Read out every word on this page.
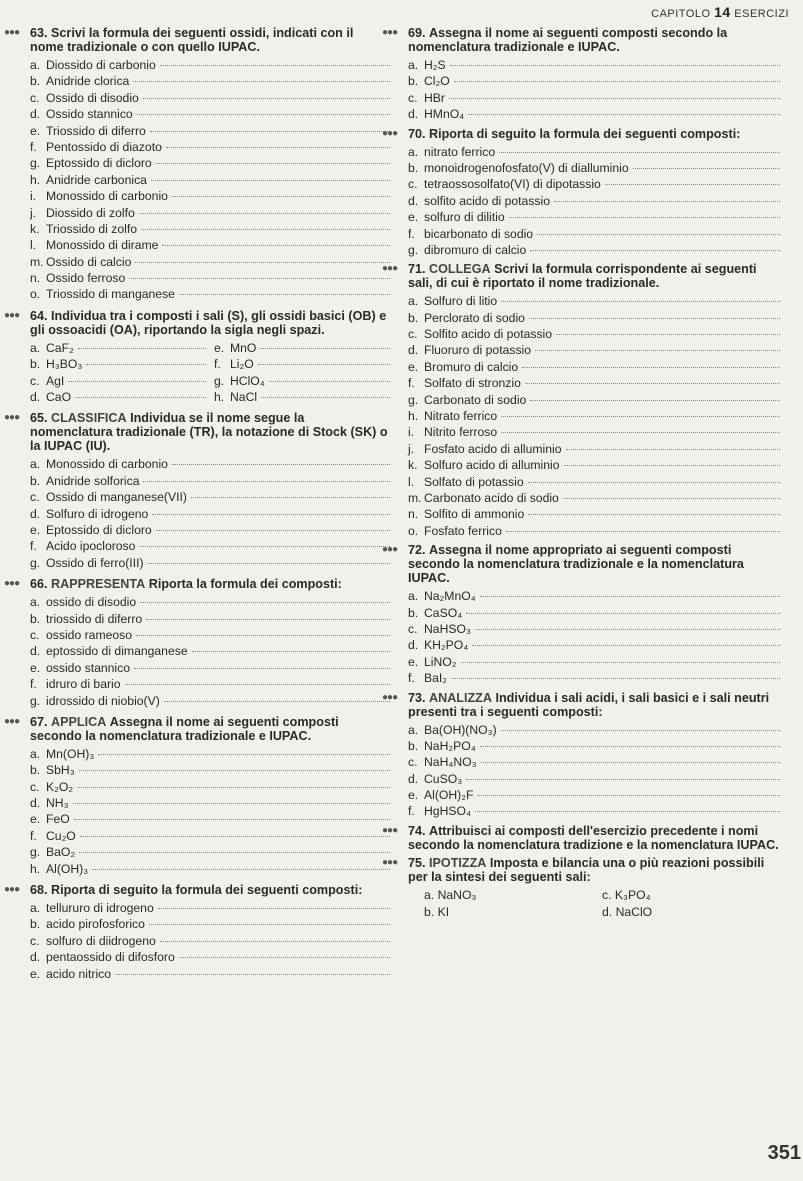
CAPITOLO 14 ESERCIZI
●●● 63. Scrivi la formula dei seguenti ossidi, indicati con il nome tradizionale o con quello IUPAC.
a. Diossido di carbonio
b. Anidride clorica
c. Ossido di disodio
d. Ossido stannico
e. Triossido di diferro
f. Pentossido di diazoto
g. Eptossido di dicloro
h. Anidride carbonica
i. Monossido di carbonio
j. Diossido di zolfo
k. Triossido di zolfo
l. Monossido di dirame
m. Ossido di calcio
n. Ossido ferroso
o. Triossido di manganese
●●● 64. Individua tra i composti i sali (S), gli ossidi basici (OB) e gli ossoacidi (OA), riportando la sigla negli spazi.
a. CaF₂	e. MnO
b. H₃BO₃	f. Li₂O
c. AgI	g. HClO₄
d. CaO	h. NaCl
●●● 65. CLASSIFICA Individua se il nome segue la nomenclatura tradizionale (TR), la notazione di Stock (SK) o la IUPAC (IU).
a. Monossido di carbonio
b. Anidride solforica
c. Ossido di manganese(VII)
d. Solfuro di idrogeno
e. Eptossido di dicloro
f. Acido ipocloroso
g. Ossido di ferro(III)
●●● 66. RAPPRESENTA Riporta la formula dei composti:
a. ossido di disodio
b. triossido di diferro
c. ossido rameoso
d. eptossido di dimanganese
e. ossido stannico
f. idruro di bario
g. idrossido di niobio(V)
●●● 67. APPLICA Assegna il nome ai seguenti composti secondo la nomenclatura tradizionale e IUPAC.
a. Mn(OH)₃
b. SbH₃
c. K₂O₂
d. NH₃
e. FeO
f. Cu₂O
g. BaO₂
h. Al(OH)₃
●●● 68. Riporta di seguito la formula dei seguenti composti:
a. tellururo di idrogeno
b. acido pirofosforico
c. solfuro di diidrogeno
d. pentaossido di difosforo
e. acido nitrico
●●● 69. Assegna il nome ai seguenti composti secondo la nomenclatura tradizionale e IUPAC.
a. H₂S
b. Cl₂O
c. HBr
d. HMnO₄
●●● 70. Riporta di seguito la formula dei seguenti composti:
a. nitrato ferrico
b. monoidrogenofosfato(V) di dialluminio
c. tetraossosolfato(VI) di dipotassio
d. solfito acido di potassio
e. solfuro di dilitio
f. bicarbonato di sodio
g. dibromuro di calcio
●●● 71. COLLEGA Scrivi la formula corrispondente ai seguenti sali, di cui è riportato il nome tradizionale.
a. Solfuro di litio
b. Perclorato di sodio
c. Solfito acido di potassio
d. Fluoruro di potassio
e. Bromuro di calcio
f. Solfato di stronzio
g. Carbonato di sodio
h. Nitrato ferrico
i. Nitrito ferroso
j. Fosfato acido di alluminio
k. Solfuro acido di alluminio
l. Solfato di potassio
m. Carbonato acido di sodio
n. Solfito di ammonio
o. Fosfato ferrico
●●● 72. Assegna il nome appropriato ai seguenti composti secondo la nomenclatura tradizionale e la nomenclatura IUPAC.
a. Na₂MnO₄
b. CaSO₄
c. NaHSO₃
d. KH₂PO₄
e. LiNO₂
f. BaI₂
●●● 73. ANALIZZA Individua i sali acidi, i sali basici e i sali neutri presenti tra i seguenti composti:
a. Ba(OH)(NO₃)
b. NaH₂PO₄
c. NaH₄NO₃
d. CuSO₃
e. Al(OH)₂F
f. HgHSO₄
●●● 74. Attribuisci ai composti dell'esercizio precedente i nomi secondo la nomenclatura tradizione e la nomenclatura IUPAC.
●●● 75. IPOTIZZA Imposta e bilancia una o più reazioni possibili per la sintesi dei seguenti sali:
a. NaNO₃	c. K₃PO₄
b. KI	d. NaClO
351
